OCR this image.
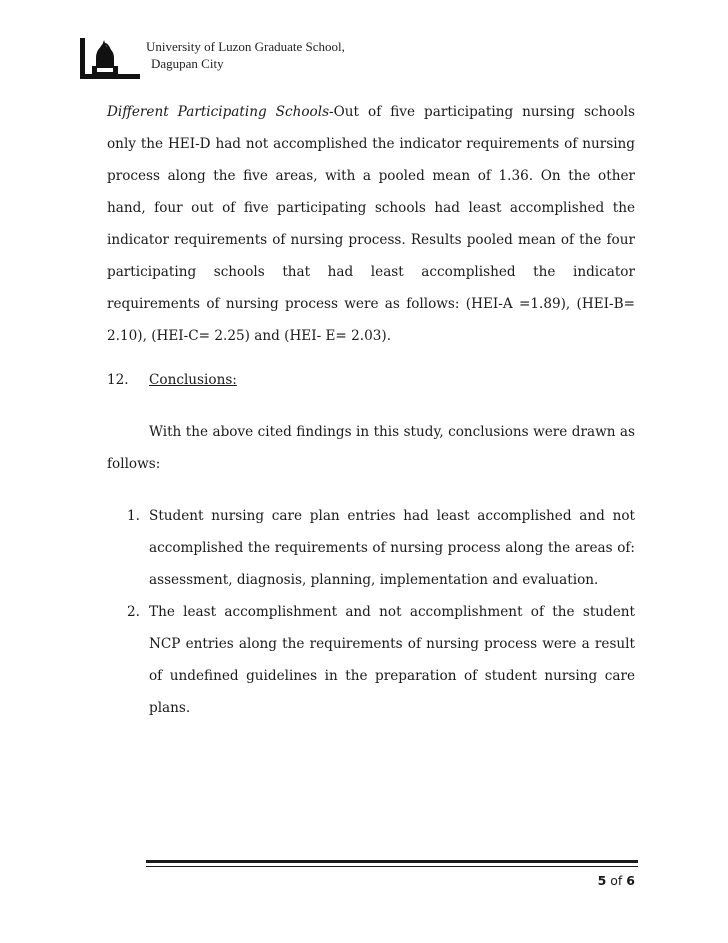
University of Luzon Graduate School,
Dagupan City

Different Participating Schools-Out of five participating nursing schools only the HEI-D had not accomplished the indicator requirements of nursing process along the five areas, with a pooled mean of 1.36. On the other hand, four out of five participating schools had least accomplished the indicator requirements of nursing process. Results pooled mean of the four participating schools that had least accomplished the indicator requirements of nursing process were as follows: (HEI-A =1.89), (HEI-B= 2.10), (HEI-C= 2.25) and (HEI- E= 2.03).

12. Conclusions:

With the above cited findings in this study, conclusions were drawn as follows:

1. Student nursing care plan entries had least accomplished and not accomplished the requirements of nursing process along the areas of: assessment, diagnosis, planning, implementation and evaluation.
2. The least accomplishment and not accomplishment of the student NCP entries along the requirements of nursing process were a result of undefined guidelines in the preparation of student nursing care plans.
5 of 6
